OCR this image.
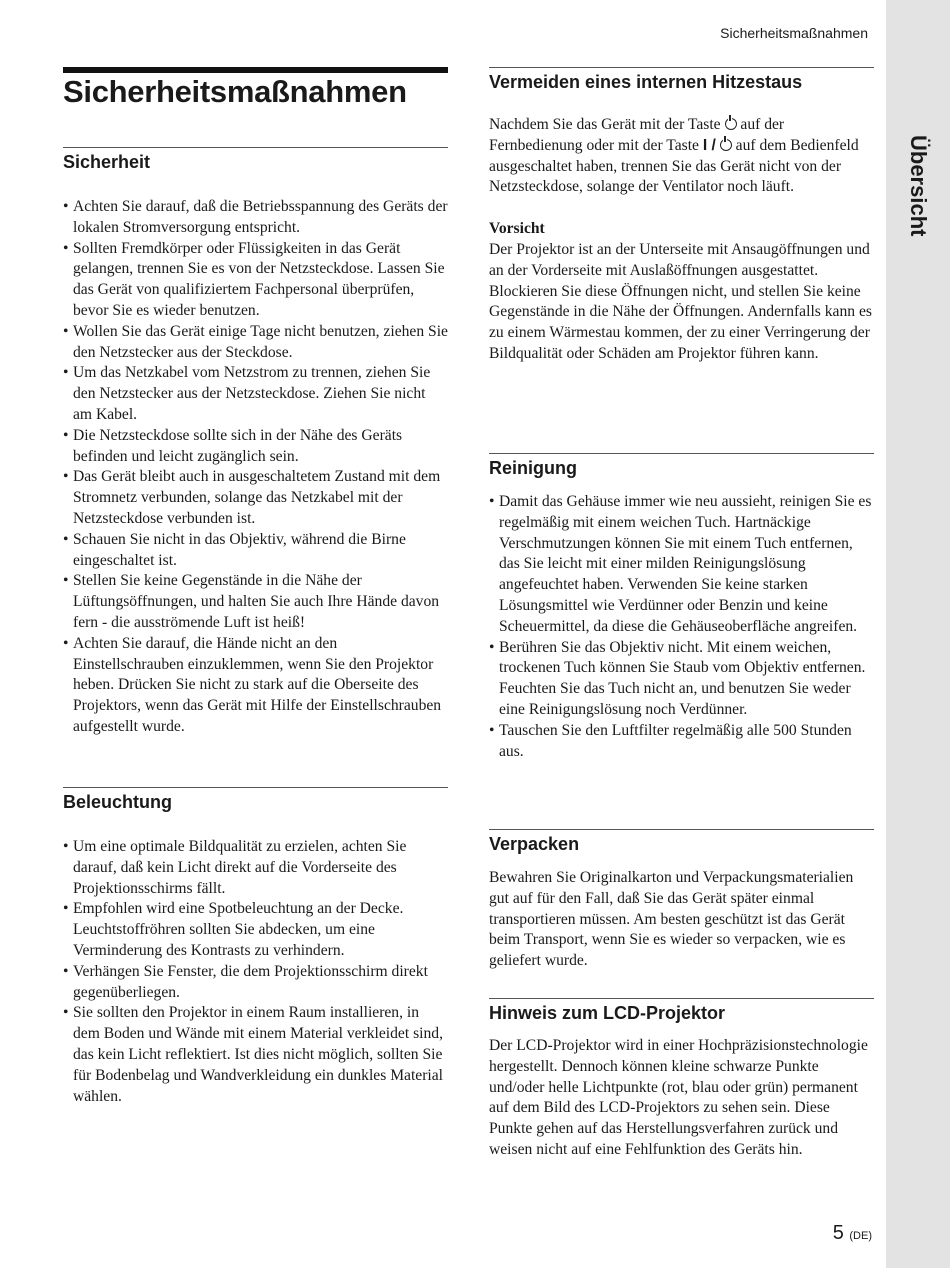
Übersicht
Sicherheitsmaßnahmen
Sicherheitsmaßnahmen
Sicherheit
• Achten Sie darauf, daß die Betriebsspannung des Geräts der lokalen Stromversorgung entspricht.
• Sollten Fremdkörper oder Flüssigkeiten in das Gerät gelangen, trennen Sie es von der Netzsteckdose. Lassen Sie das Gerät von qualifiziertem Fachpersonal überprüfen, bevor Sie es wieder benutzen.
• Wollen Sie das Gerät einige Tage nicht benutzen, ziehen Sie den Netzstecker aus der Steckdose.
• Um das Netzkabel vom Netzstrom zu trennen, ziehen Sie den Netzstecker aus der Netzsteckdose. Ziehen Sie nicht am Kabel.
• Die Netzsteckdose sollte sich in der Nähe des Geräts befinden und leicht zugänglich sein.
• Das Gerät bleibt auch in ausgeschaltetem Zustand mit dem Stromnetz verbunden, solange das Netzkabel mit der Netzsteckdose verbunden ist.
• Schauen Sie nicht in das Objektiv, während die Birne eingeschaltet ist.
• Stellen Sie keine Gegenstände in die Nähe der Lüftungsöffnungen, und halten Sie auch Ihre Hände davon fern - die ausströmende Luft ist heiß!
• Achten Sie darauf, die Hände nicht an den Einstellschrauben einzuklemmen, wenn Sie den Projektor heben. Drücken Sie nicht zu stark auf die Oberseite des Projektors, wenn das Gerät mit Hilfe der Einstellschrauben aufgestellt wurde.
Beleuchtung
• Um eine optimale Bildqualität zu erzielen, achten Sie darauf, daß kein Licht direkt auf die Vorderseite des Projektionsschirms fällt.
• Empfohlen wird eine Spotbeleuchtung an der Decke. Leuchtstoffröhren sollten Sie abdecken, um eine Verminderung des Kontrasts zu verhindern.
• Verhängen Sie Fenster, die dem Projektionsschirm direkt gegenüberliegen.
• Sie sollten den Projektor in einem Raum installieren, in dem Boden und Wände mit einem Material verkleidet sind, das kein Licht reflektiert. Ist dies nicht möglich, sollten Sie für Bodenbelag und Wandverkleidung ein dunkles Material wählen.
Vermeiden eines internen Hitzestaus

Nachdem Sie das Gerät mit der Taste auf der Fernbedienung oder mit der Taste I / auf dem Bedienfeld ausgeschaltet haben, trennen Sie das Gerät nicht von der Netzsteckdose, solange der Ventilator noch läuft.

Vorsicht

Der Projektor ist an der Unterseite mit Ansaugöffnungen und an der Vorderseite mit Auslaßöffnungen ausgestattet. Blockieren Sie diese Öffnungen nicht, und stellen Sie keine Gegenstände in die Nähe der Öffnungen. Andernfalls kann es zu einem Wärmestau kommen, der zu einer Verringerung der Bildqualität oder Schäden am Projektor führen kann.

Reinigung
• Damit das Gehäuse immer wie neu aussieht, reinigen Sie es regelmäßig mit einem weichen Tuch. Hartnäckige Verschmutzungen können Sie mit einem Tuch entfernen, das Sie leicht mit einer milden Reinigungslösung angefeuchtet haben. Verwenden Sie keine starken Lösungsmittel wie Verdünner oder Benzin und keine Scheuermittel, da diese die Gehäuseoberfläche angreifen.
• Berühren Sie das Objektiv nicht. Mit einem weichen, trockenen Tuch können Sie Staub vom Objektiv entfernen. Feuchten Sie das Tuch nicht an, und benutzen Sie weder eine Reinigungslösung noch Verdünner.
• Tauschen Sie den Luftfilter regelmäßig alle 500 Stunden aus.
Verpacken

Bewahren Sie Originalkarton und Verpackungsmaterialien gut auf für den Fall, daß Sie das Gerät später einmal transportieren müssen. Am besten geschützt ist das Gerät beim Transport, wenn Sie es wieder so verpacken, wie es geliefert wurde.

Hinweis zum LCD-Projektor

Der LCD-Projektor wird in einer Hochpräzisionstechnologie hergestellt. Dennoch können kleine schwarze Punkte und/oder helle Lichtpunkte (rot, blau oder grün) permanent auf dem Bild des LCD-Projektors zu sehen sein. Diese Punkte gehen auf das Herstellungsverfahren zurück und weisen nicht auf eine Fehlfunktion des Geräts hin.

5 (DE)
